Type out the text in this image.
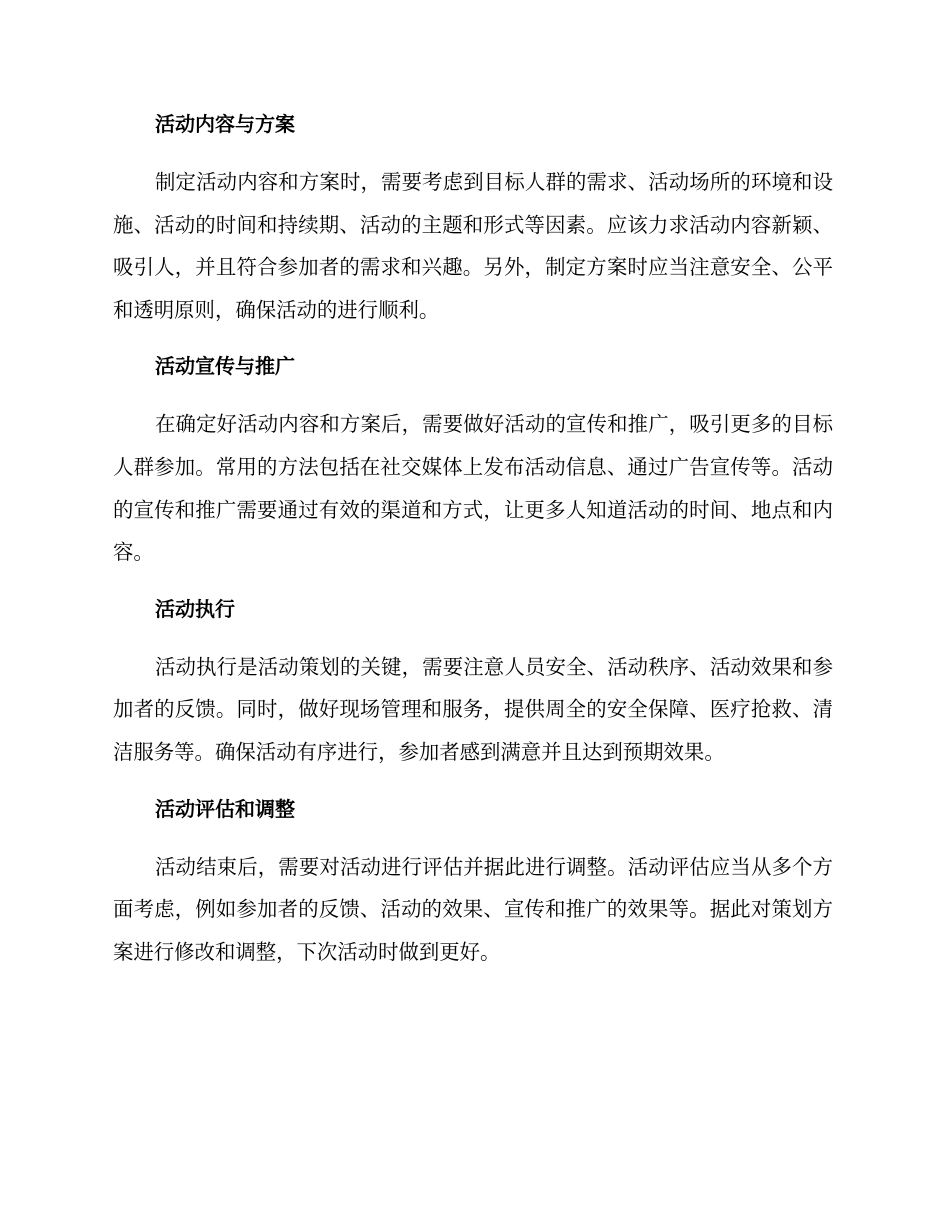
活动内容与方案

制定活动内容和方案时，需要考虑到目标人群的需求、活动场所的环境和设施、活动的时间和持续期、活动的主题和形式等因素。应该力求活动内容新颖、吸引人，并且符合参加者的需求和兴趣。另外，制定方案时应当注意安全、公平和透明原则，确保活动的进行顺利。

活动宣传与推广

在确定好活动内容和方案后，需要做好活动的宣传和推广，吸引更多的目标人群参加。常用的方法包括在社交媒体上发布活动信息、通过广告宣传等。活动的宣传和推广需要通过有效的渠道和方式，让更多人知道活动的时间、地点和内容。

活动执行

活动执行是活动策划的关键，需要注意人员安全、活动秩序、活动效果和参加者的反馈。同时，做好现场管理和服务，提供周全的安全保障、医疗抢救、清洁服务等。确保活动有序进行，参加者感到满意并且达到预期效果。

活动评估和调整

活动结束后，需要对活动进行评估并据此进行调整。活动评估应当从多个方面考虑，例如参加者的反馈、活动的效果、宣传和推广的效果等。据此对策划方案进行修改和调整，下次活动时做到更好。
